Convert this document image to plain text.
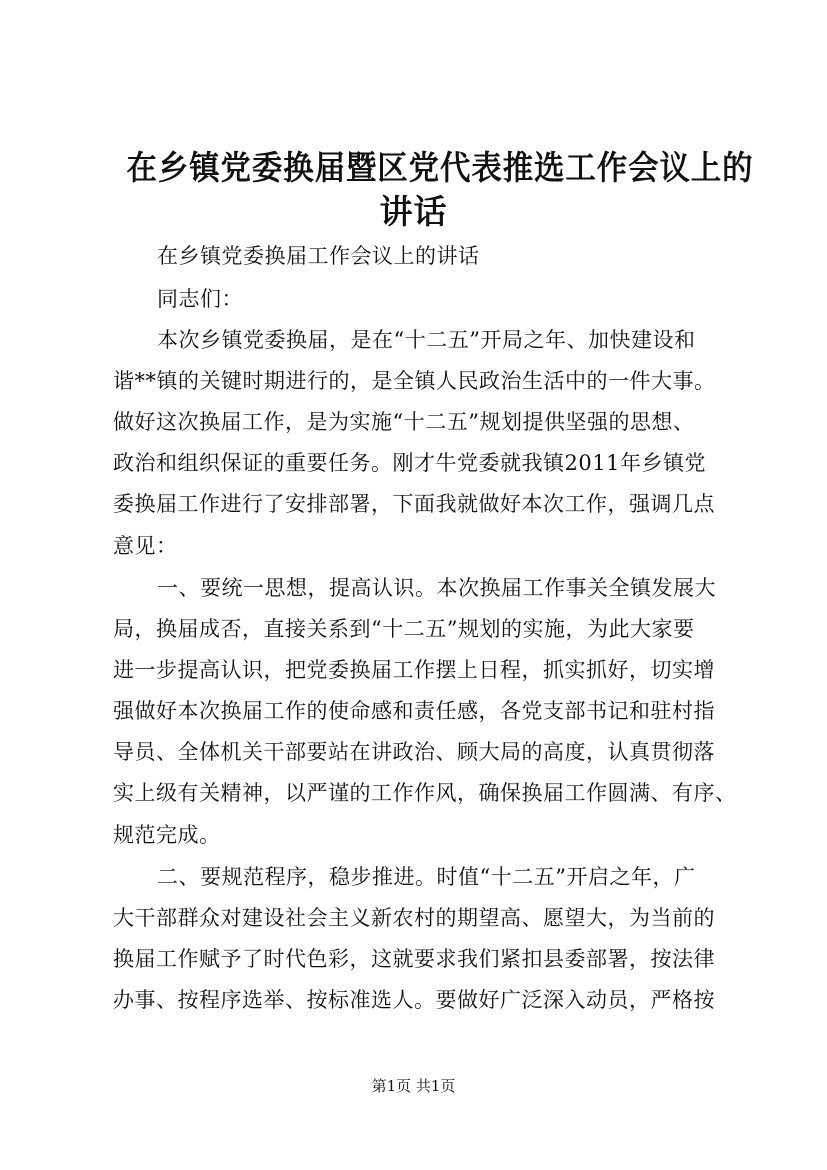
在乡镇党委换届暨区党代表推选工作会议上的
讲话
在乡镇党委换届工作会议上的讲话
同志们：
本次乡镇党委换届，是在“十二五”开局之年、加快建设和
谐**镇的关键时期进行的，是全镇人民政治生活中的一件大事。
做好这次换届工作，是为实施“十二五”规划提供坚强的思想、
政治和组织保证的重要任务。刚才牛党委就我镇2011年乡镇党
委换届工作进行了安排部署，下面我就做好本次工作，强调几点
意见：
一、要统一思想，提高认识。本次换届工作事关全镇发展大
局，换届成否，直接关系到“十二五”规划的实施，为此大家要
进一步提高认识，把党委换届工作摆上日程，抓实抓好，切实增
强做好本次换届工作的使命感和责任感，各党支部书记和驻村指
导员、全体机关干部要站在讲政治、顾大局的高度，认真贯彻落
实上级有关精神，以严谨的工作作风，确保换届工作圆满、有序、
规范完成。
二、要规范程序，稳步推进。时值“十二五”开启之年，广
大干部群众对建设社会主义新农村的期望高、愿望大，为当前的
换届工作赋予了时代色彩，这就要求我们紧扣县委部署，按法律
办事、按程序选举、按标准选人。要做好广泛深入动员，严格按
第1页 共1页
